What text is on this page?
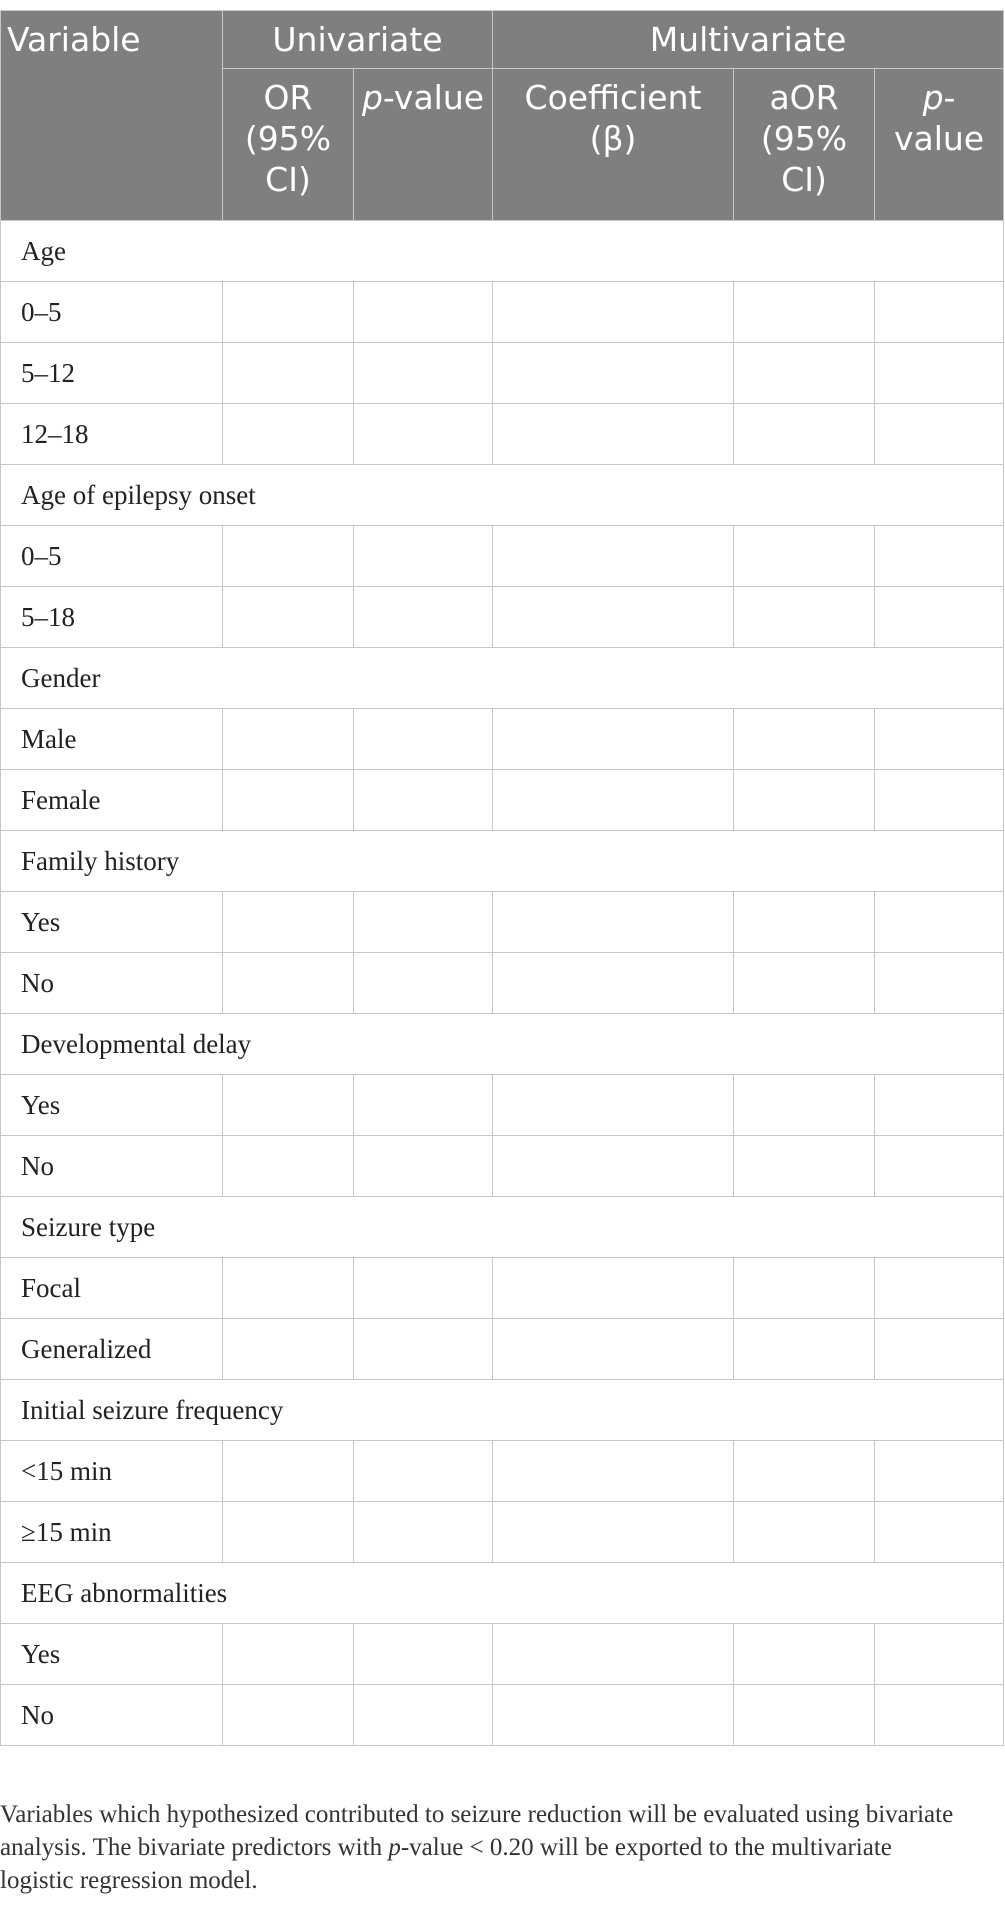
Variable	Univariate		Multivariate		
	OR (95% CI)	p-value	Coefficient (β)	aOR (95% CI)	p-value
Age					
0–5					
5–12					
12–18					
Age of epilepsy onset					
0–5					
5–18					
Gender					
Male					
Female					
Family history					
Yes					
No					
Developmental delay					
Yes					
No					
Seizure type					
Focal					
Generalized					
Initial seizure frequency					
<15 min					
≥15 min					
EEG abnormalities					
Yes					
No					
Variables which hypothesized contributed to seizure reduction will be evaluated using bivariate analysis. The bivariate predictors with p-value < 0.20 will be exported to the multivariate logistic regression model.
